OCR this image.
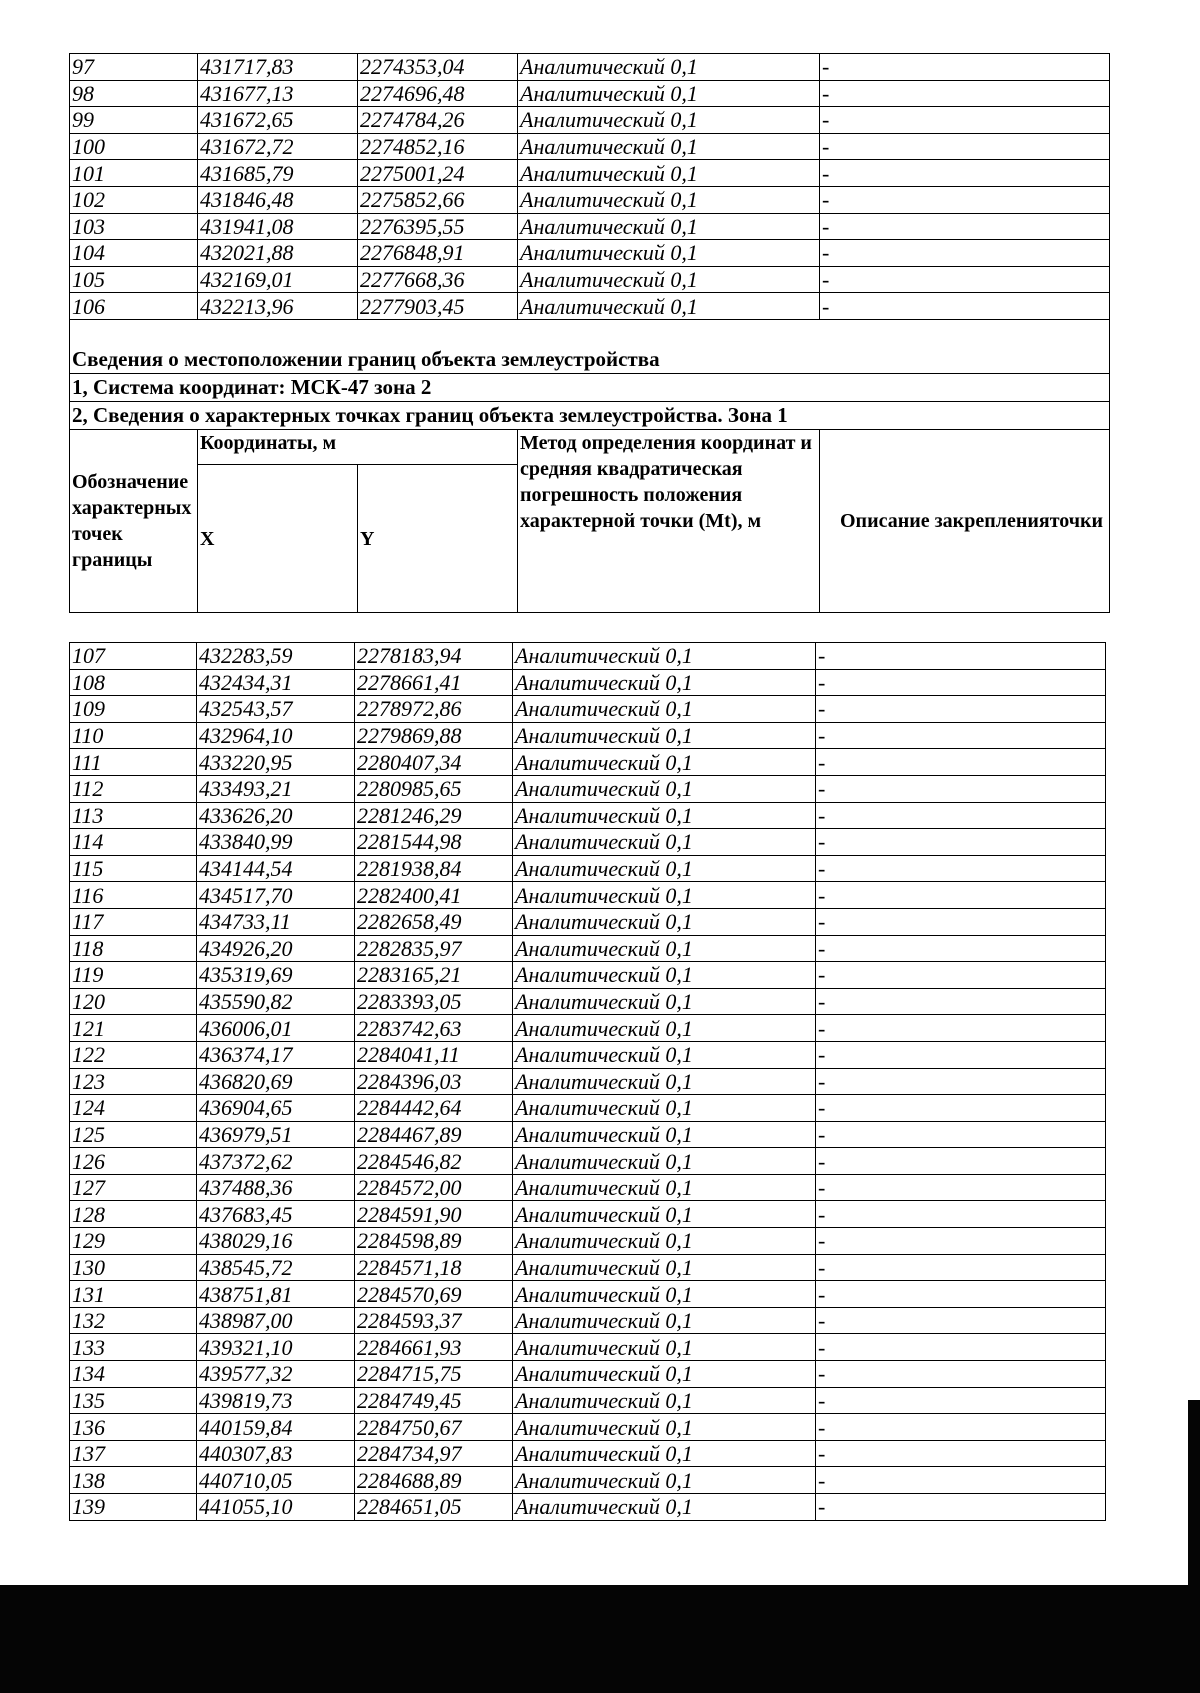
97	431717,83	2274353,04	Аналитический 0,1	-
98	431677,13	2274696,48	Аналитический 0,1	-
99	431672,65	2274784,26	Аналитический 0,1	-
100	431672,72	2274852,16	Аналитический 0,1	-
101	431685,79	2275001,24	Аналитический 0,1	-
102	431846,48	2275852,66	Аналитический 0,1	-
103	431941,08	2276395,55	Аналитический 0,1	-
104	432021,88	2276848,91	Аналитический 0,1	-
105	432169,01	2277668,36	Аналитический 0,1	-
106	432213,96	2277903,45	Аналитический 0,1	-

Сведения о местоположении границ объекта землеустройства				
1, Система координат: МСК-47 зона 2				
2, Сведения о характерных точках границ объекта землеустройства. Зона 1				
Обозначение характерных точек границы	Координаты, м		Метод определения координат и средняя квадратическая погрешность положения характерной точки (Mt), м	Описание закрепленияточки
	X	Y		
107	432283,59	2278183,94	Аналитический 0,1	-
108	432434,31	2278661,41	Аналитический 0,1	-
109	432543,57	2278972,86	Аналитический 0,1	-
110	432964,10	2279869,88	Аналитический 0,1	-
111	433220,95	2280407,34	Аналитический 0,1	-
112	433493,21	2280985,65	Аналитический 0,1	-
113	433626,20	2281246,29	Аналитический 0,1	-
114	433840,99	2281544,98	Аналитический 0,1	-
115	434144,54	2281938,84	Аналитический 0,1	-
116	434517,70	2282400,41	Аналитический 0,1	-
117	434733,11	2282658,49	Аналитический 0,1	-
118	434926,20	2282835,97	Аналитический 0,1	-
119	435319,69	2283165,21	Аналитический 0,1	-
120	435590,82	2283393,05	Аналитический 0,1	-
121	436006,01	2283742,63	Аналитический 0,1	-
122	436374,17	2284041,11	Аналитический 0,1	-
123	436820,69	2284396,03	Аналитический 0,1	-
124	436904,65	2284442,64	Аналитический 0,1	-
125	436979,51	2284467,89	Аналитический 0,1	-
126	437372,62	2284546,82	Аналитический 0,1	-
127	437488,36	2284572,00	Аналитический 0,1	-
128	437683,45	2284591,90	Аналитический 0,1	-
129	438029,16	2284598,89	Аналитический 0,1	-
130	438545,72	2284571,18	Аналитический 0,1	-
131	438751,81	2284570,69	Аналитический 0,1	-
132	438987,00	2284593,37	Аналитический 0,1	-
133	439321,10	2284661,93	Аналитический 0,1	-
134	439577,32	2284715,75	Аналитический 0,1	-
135	439819,73	2284749,45	Аналитический 0,1	-
136	440159,84	2284750,67	Аналитический 0,1	-
137	440307,83	2284734,97	Аналитический 0,1	-
138	440710,05	2284688,89	Аналитический 0,1	-
139	441055,10	2284651,05	Аналитический 0,1	-
